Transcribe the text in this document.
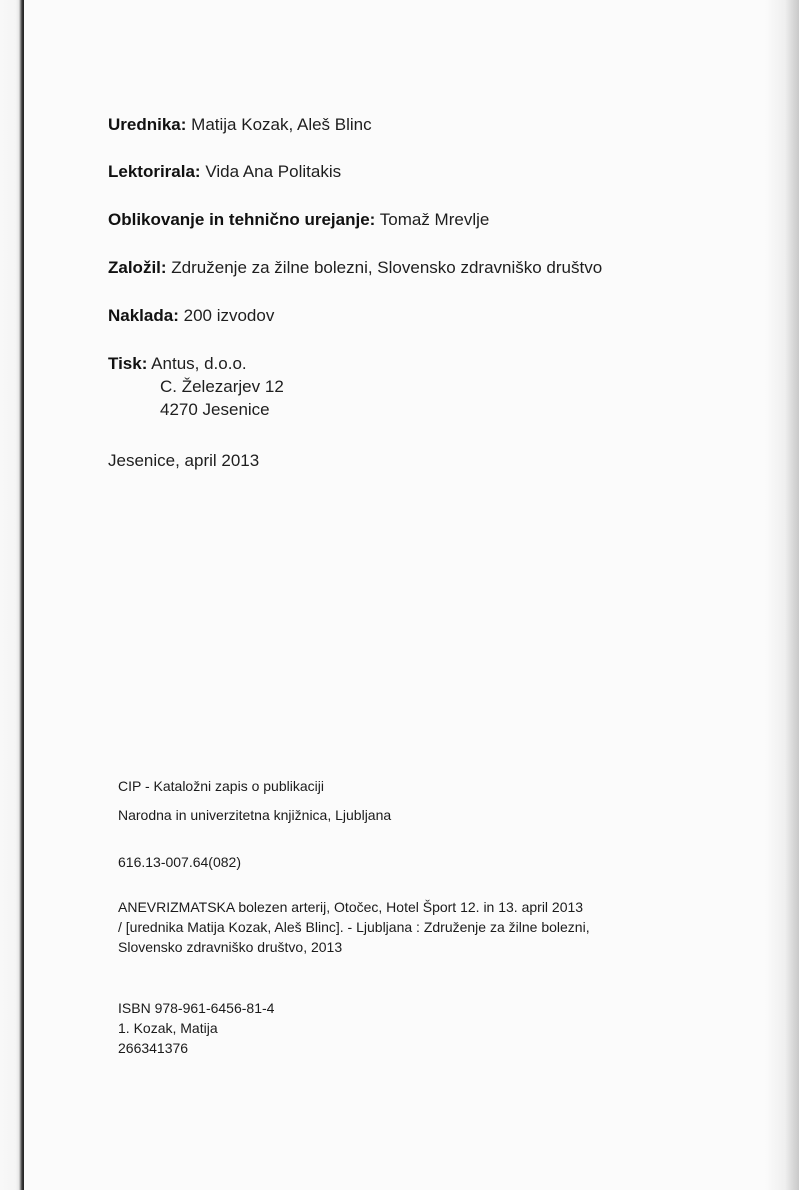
Urednika: Matija Kozak, Aleš Blinc
Lektorirala: Vida Ana Politakis
Oblikovanje in tehnično urejanje: Tomaž Mrevlje
Založil: Združenje za žilne bolezni, Slovensko zdravniško društvo
Naklada: 200 izvodov
Tisk: Antus, d.o.o.
C. Železarjev 12
4270 Jesenice
Jesenice, april 2013
CIP - Kataložni zapis o publikaciji
Narodna in univerzitetna knjižnica, Ljubljana
616.13-007.64(082)
ANEVRIZMATSKA bolezen arterij, Otočec, Hotel Šport 12. in 13. april 2013
/ [urednika Matija Kozak, Aleš Blinc]. - Ljubljana : Združenje za žilne bolezni,
Slovensko zdravniško društvo, 2013
ISBN 978-961-6456-81-4
1. Kozak, Matija
266341376
